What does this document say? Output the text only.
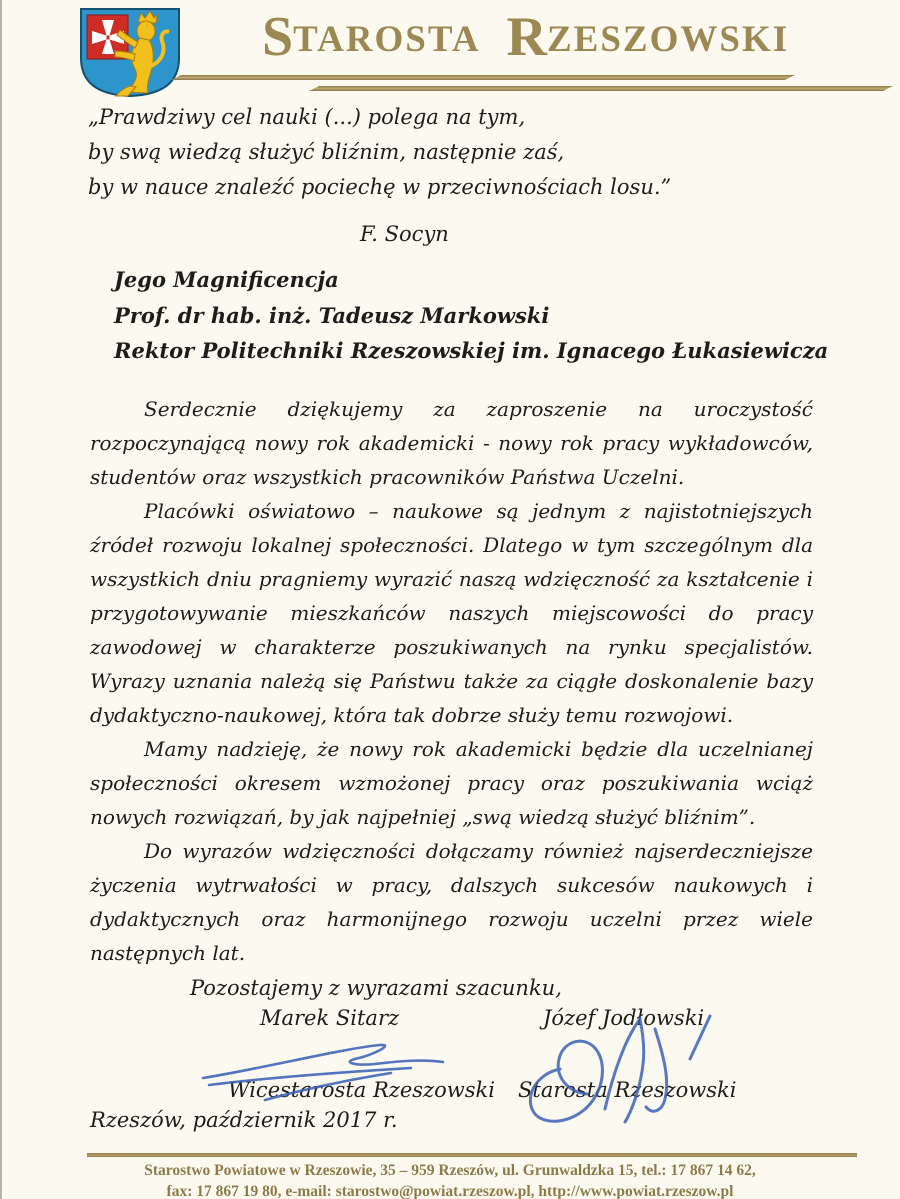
STAROSTA RZESZOWSKI
„Prawdziwy cel nauki (...) polega na tym,
by swą wiedzą służyć bliźnim, następnie zaś,
by w nauce znaleźć pociechę w przeciwnościach losu.”
F. Socyn
Jego Magnificencja
Prof. dr hab. inż. Tadeusz Markowski
Rektor Politechniki Rzeszowskiej im. Ignacego Łukasiewicza

Serdecznie dziękujemy za zaproszenie na uroczystość rozpoczynającą nowy rok akademicki - nowy rok pracy wykładowców, studentów oraz wszystkich pracowników Państwa Uczelni.

Placówki oświatowo – naukowe są jednym z najistotniejszych źródeł rozwoju lokalnej społeczności. Dlatego w tym szczególnym dla wszystkich dniu pragniemy wyrazić naszą wdzięczność za kształcenie i przygotowywanie mieszkańców naszych miejscowości do pracy zawodowej w charakterze poszukiwanych na rynku specjalistów. Wyrazy uznania należą się Państwu także za ciągłe doskonalenie bazy dydaktyczno-naukowej, która tak dobrze służy temu rozwojowi.

Mamy nadzieję, że nowy rok akademicki będzie dla uczelnianej społeczności okresem wzmożonej pracy oraz poszukiwania wciąż nowych rozwiązań, by jak najpełniej „swą wiedzą służyć bliźnim”.

Do wyrazów wdzięczności dołączamy również najserdeczniejsze życzenia wytrwałości w pracy, dalszych sukcesów naukowych i dydaktycznych oraz harmonijnego rozwoju uczelni przez wiele następnych lat.

Pozostajemy z wyrazami szacunku,
Marek Sitarz	Józef Jodłowski
Wicestarosta Rzeszowski Starosta Rzeszowski
Rzeszów, październik 2017 r.
Starostwo Powiatowe w Rzeszowie, 35 – 959 Rzeszów, ul. Grunwaldzka 15, tel.: 17 867 14 62,
fax: 17 867 19 80, e-mail: starostwo@powiat.rzeszow.pl, http://www.powiat.rzeszow.pl
